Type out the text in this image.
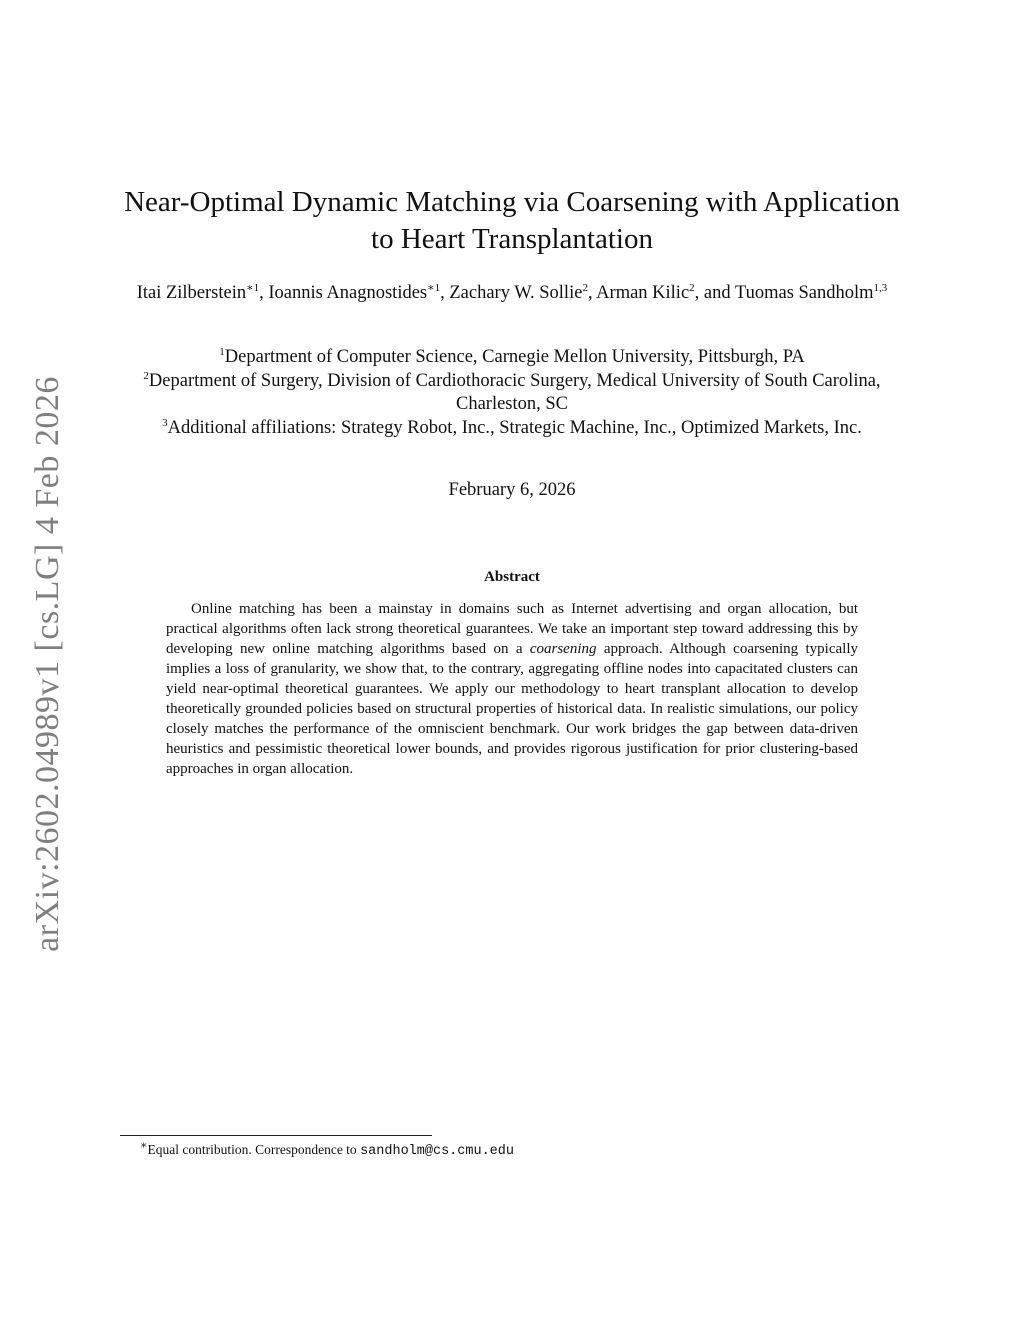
arXiv:2602.04989v1 [cs.LG] 4 Feb 2026
Near-Optimal Dynamic Matching via Coarsening with Application to Heart Transplantation
Itai Zilberstein$^{∗1}$, Ioannis Anagnostides$^{∗1}$, Zachary W. Sollie$^2$, Arman Kilic$^2$, and Tuomas Sandholm$^{1,3}$
$^1$Department of Computer Science, Carnegie Mellon University, Pittsburgh, PA
$^2$Department of Surgery, Division of Cardiothoracic Surgery, Medical University of South Carolina, Charleston, SC
$^3$Additional affiliations: Strategy Robot, Inc., Strategic Machine, Inc., Optimized Markets, Inc.
February 6, 2026
Abstract

Online matching has been a mainstay in domains such as Internet advertising and organ allocation, but practical algorithms often lack strong theoretical guarantees. We take an important step toward addressing this by developing new online matching algorithms based on a coarsening approach. Although coarsening typically implies a loss of granularity, we show that, to the contrary, aggregating offline nodes into capacitated clusters can yield near-optimal theoretical guarantees. We apply our methodology to heart transplant allocation to develop theoretically grounded policies based on structural properties of historical data. In realistic simulations, our policy closely matches the performance of the omniscient benchmark. Our work bridges the gap between data-driven heuristics and pessimistic theoretical lower bounds, and provides rigorous justification for prior clustering-based approaches in organ allocation.

∗Equal contribution. Correspondence to sandholm@cs.cmu.edu
